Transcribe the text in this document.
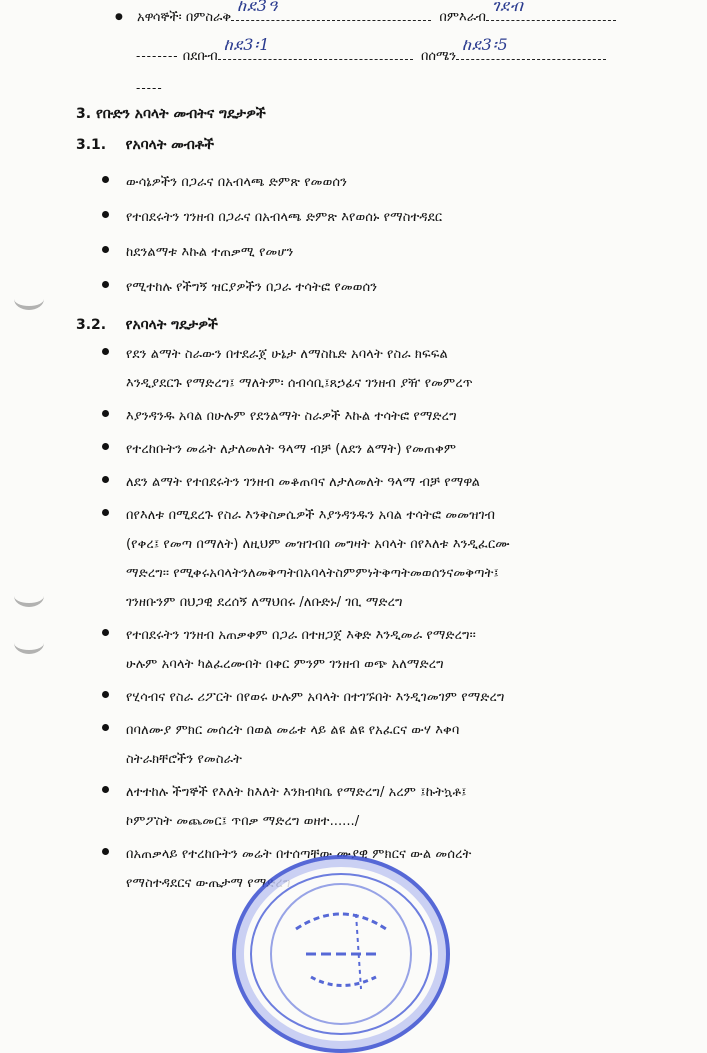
● አዋሳኞች፡ በምስራቅ
ከደ3ዓ
በምእራብ
ገደብ
-------- በደቡብ
ከደ3፡1
በሰሜን
ከደ3፡5
-----
3. የቡድን አባላት መብትና ግዴታዎች
3.1. የአባላት መብቶች
ውሳኔዎችን በጋራና በአብላጫ ድምጽ የመወሰን
የተበደሩትን ገንዘብ በጋራና በአብላጫ ድምጽ እየወሰኑ የማስተዳደር
ከደንልማቱ እኩል ተጠቃሚ የመሆን
የሚተከሉ የችግኝ ዝርያዎችን በጋራ ተሳትፎ የመወሰን
3.2. የአባላት ግዴታዎች
የደን ልማት ስራውን በተደራጀ ሁኔታ ለማስኬድ አባላት የስራ ክፍፍል
እንዲያደርጉ የማድረግ፤ ማለትም፡ ሰብሳቢ፤ጸኃፊና ገንዘብ ያዥ የመምረጥ
እያንዳንዱ አባል በሁሉም የደንልማት ስራዎች እኩል ተሳትፎ የማድረግ
የተረከቡትን መሬት ለታለመለት ዓላማ ብቻ (ለደን ልማት) የመጠቀም
ለደን ልማት የተበደሩትን ገንዘብ መቆጠባና ለታለመለት ዓላማ ብቻ የማዋል
በየእለቱ በሚደረጉ የስራ እንቅስቃሴዎች እያንዳንዱን አባል ተሳትፎ መመዝገብ
(የቀረ፤ የመጣ በማለት) ለዚህም መዝገብበ መግዛት አባላት በየእለቱ እንዲፈርሙ
ማድረግ፡፡ የሚቀሩአባላትንለመቅጣትበአባላትስምምነትቅጣትመወሰንናመቅጣት፤
ገንዘቡንም በህጋዊ ደረሰኝ ለማህበሩ /ለቡድኑ/ ገቢ ማድረግ
የተበደሩትን ገንዘብ አጠቃቀም በጋራ በተዘጋጀ እቅድ እንዲመራ የማድረግ፡፡
ሁሉም አባላት ካልፈረሙበት በቀር ምንም ገንዘብ ወጭ አለማድረግ
የሂሳብና የስራ ሪፖርት በየወሩ ሁሉም አባላት በተገኙበት እንዲገመገም የማድረግ
በባለሙያ ምክር መሰረት በወል መሬቱ ላይ ልዩ ልዩ የአፈርና ውሃ እቀባ
ስትራክቸሮችን የመስራት
ለተተከሉ ችግኞች የእለት ከእለት እንክብካቤ የማድረግ/ አረም ፤ኩትኳቶ፤
ኮምፖስት መጨመር፤ ጥበቃ ማድረግ ወዘተ....../
በአጠቃላይ የተረከቡትን መሬት በተሰጣቸው ሙያዊ ምክርና ውል መሰረት
የማስተዳደርና ውጤታማ የማድረግ
